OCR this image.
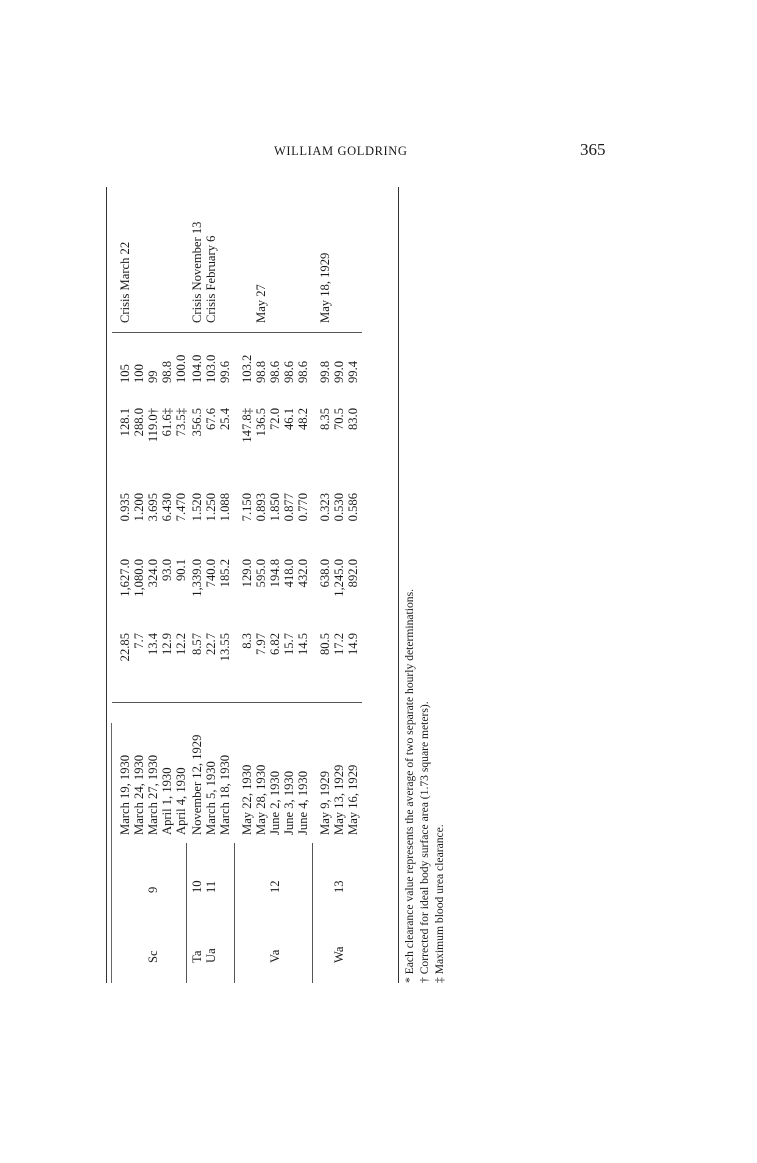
WILLIAM GOLDRING	365
March 19, 1930
22.85
1,627.0
0.935
128.1
105
Crisis March 22
March 24, 1930
7.7
1,080.0
1.200
288.0
100
Sc
9
March 27, 1930
13.4
324.0
3.695
119.0†
99
April 1, 1930
12.9
93.0
6.430
61.6‡
98.8
April 4, 1930
12.2
90.1
7.470
73.5‡
100.0
Ta
10
November 12, 1929
8.57
1,339.0
1.520
356.5
104.0
Crisis November 13
Ua
11
March 5, 1930
22.7
740.0
1.250
67.6
103.0
Crisis February 6
March 18, 1930
13.55
185.2
1.088
25.4
99.6
May 22, 1930
8.3
129.0
7.150
147.8‡
103.2
May 28, 1930
7.97
595.0
0.893
136.5
98.8
May 27
Va
12
June 2, 1930
6.82
194.8
1.850
72.0
98.6
June 3, 1930
15.7
418.0
0.877
46.1
98.6
June 4, 1930
14.5
432.0
0.770
48.2
98.6
May 9, 1929
80.5
638.0
0.323
8.35
99.8
May 18, 1929
Wa
13
May 13, 1929
17.2
1,245.0
0.530
70.5
99.0
May 16, 1929
14.9
892.0
0.586
83.0
99.4
* Each clearance value represents the average of two separate hourly determinations. † Corrected for ideal body surface area (1.73 square meters). ‡ Maximum blood urea clearance.
